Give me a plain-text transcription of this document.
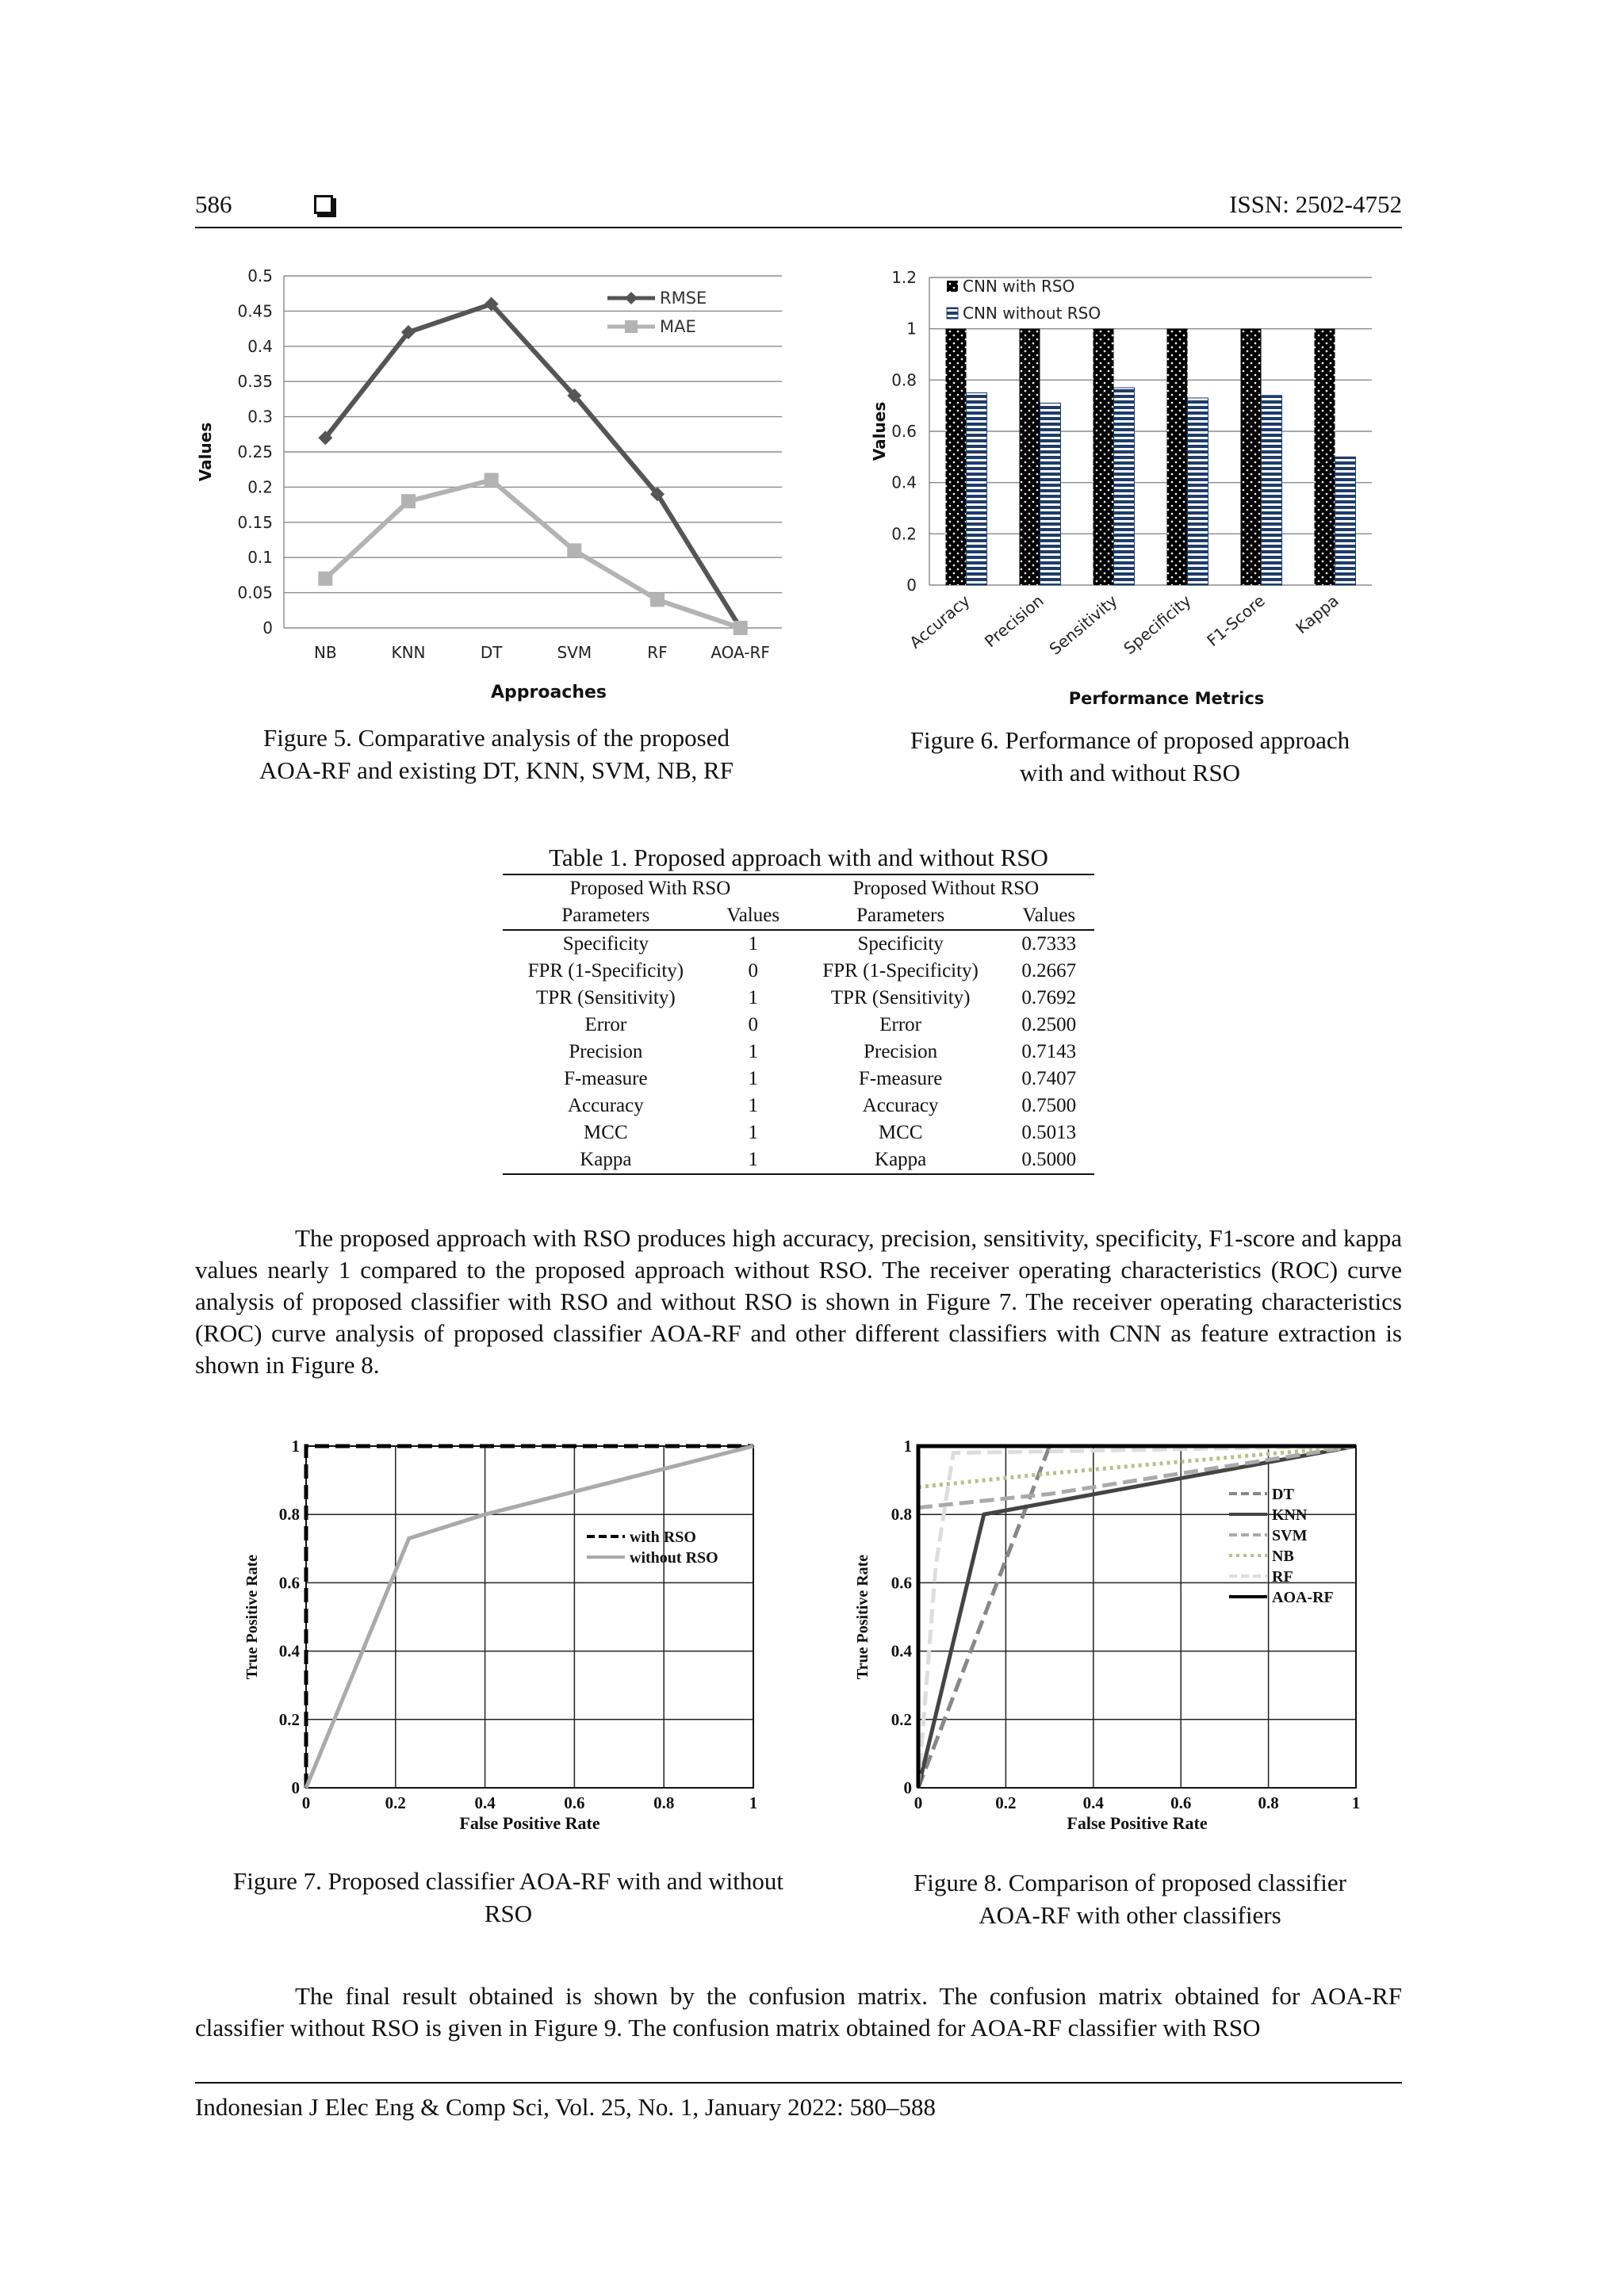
586	ISSN: 2502-4752
0
0.05
0.1
0.15
0.2
0.25
0.3
0.35
0.4
0.45
0.5
NB	KNN	DT	SVM	RF	AOA-RF
RMSE
MAE
Values
Approaches
Figure 5. Comparative analysis of the proposed
AOA-RF and existing DT, KNN, SVM, NB, RF
0
0.2
0.4
0.6
0.8
1
1.2
Accuracy Precision
Sensitivity
Specificity F1-Score Kappa
CNN with RSO
CNN without RSO
Values
Performance Metrics
Figure 6. Performance of proposed approach
with and without RSO
Table 1. Proposed approach with and without RSO
Proposed With RSO		Proposed Without RSO	
Parameters	Values	Parameters	Values
Specificity	1	Specificity	0.7333
FPR (1-Specificity)	0	FPR (1-Specificity)	0.2667
TPR (Sensitivity)	1	TPR (Sensitivity)	0.7692
Error	0	Error	0.2500
Precision	1	Precision	0.7143
F-measure	1	F-measure	0.7407
Accuracy	1	Accuracy	0.7500
MCC	1	MCC	0.5013
Kappa	1	Kappa	0.5000
The proposed approach with RSO produces high accuracy, precision, sensitivity, specificity, F1-score and kappa values nearly 1 compared to the proposed approach without RSO. The receiver operating characteristics (ROC) curve analysis of proposed classifier with RSO and without RSO is shown in Figure 7. The receiver operating characteristics (ROC) curve analysis of proposed classifier AOA-RF and other different classifiers with CNN as feature extraction is shown in Figure 8.
0
0.2
0.4
0.6
0.8
1
0	0.2	0.4	0.6	0.8	1
with RSO
without RSO
True Positive Rate
False Positive Rate
Figure 7. Proposed classifier AOA-RF with and without
RSO
0
0.2
0.4
0.6
0.8
1
0	0.2	0.4	0.6	0.8	1
DT
KNN
SVM
NB
RF
AOA-RF
True Positive Rate
False Positive Rate
Figure 8. Comparison of proposed classifier
AOA-RF with other classifiers
The final result obtained is shown by the confusion matrix. The confusion matrix obtained for AOA-RF classifier without RSO is given in Figure 9. The confusion matrix obtained for AOA-RF classifier with RSO
Indonesian J Elec Eng & Comp Sci, Vol. 25, No. 1, January 2022: 580–588
